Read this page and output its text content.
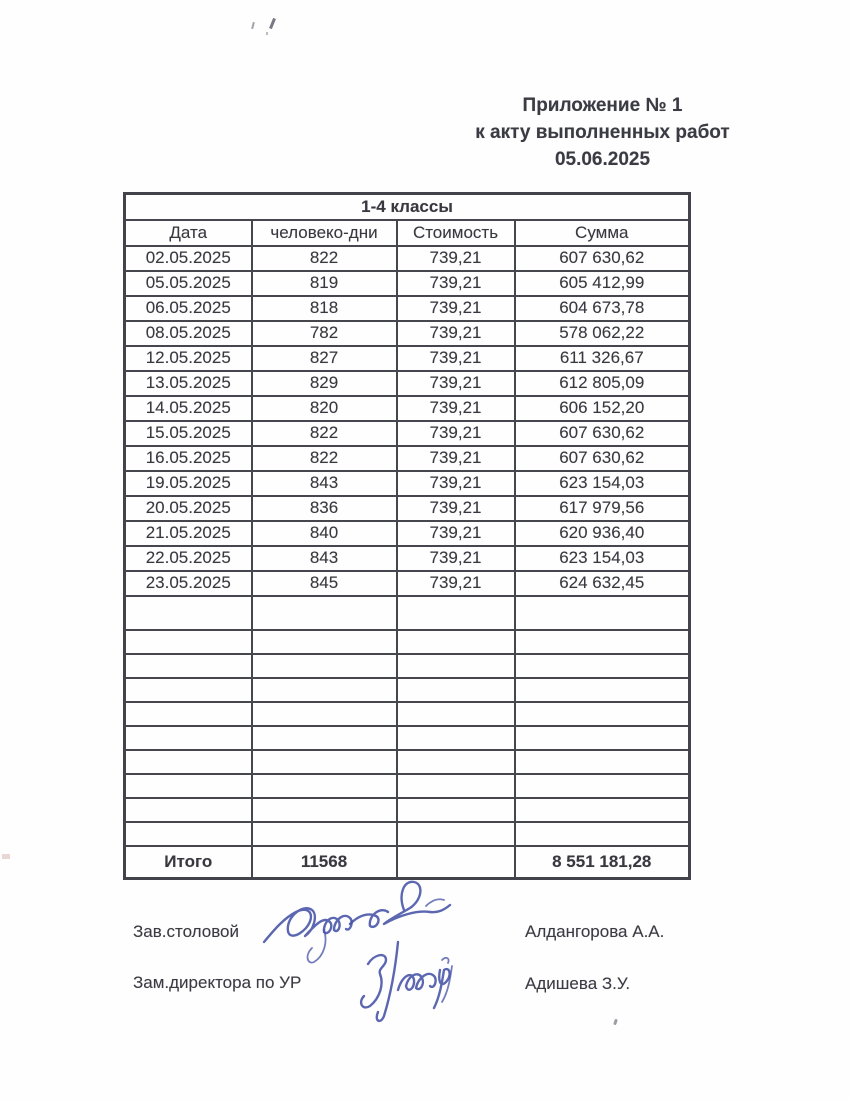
Приложение № 1
к акту выполненных работ
05.06.2025
1-4 классы			
Дата	человеко-дни	Стоимость	Сумма
02.05.2025	822	739,21	607 630,62
05.05.2025	819	739,21	605 412,99
06.05.2025	818	739,21	604 673,78
08.05.2025	782	739,21	578 062,22
12.05.2025	827	739,21	611 326,67
13.05.2025	829	739,21	612 805,09
14.05.2025	820	739,21	606 152,20
15.05.2025	822	739,21	607 630,62
16.05.2025	822	739,21	607 630,62
19.05.2025	843	739,21	623 154,03
20.05.2025	836	739,21	617 979,56
21.05.2025	840	739,21	620 936,40
22.05.2025	843	739,21	623 154,03
23.05.2025	845	739,21	624 632,45

Итого	11568		8 551 181,28
Зав.столовой	Алдангорова А.А.
Зам.директора по УР	Адишева З.У.
